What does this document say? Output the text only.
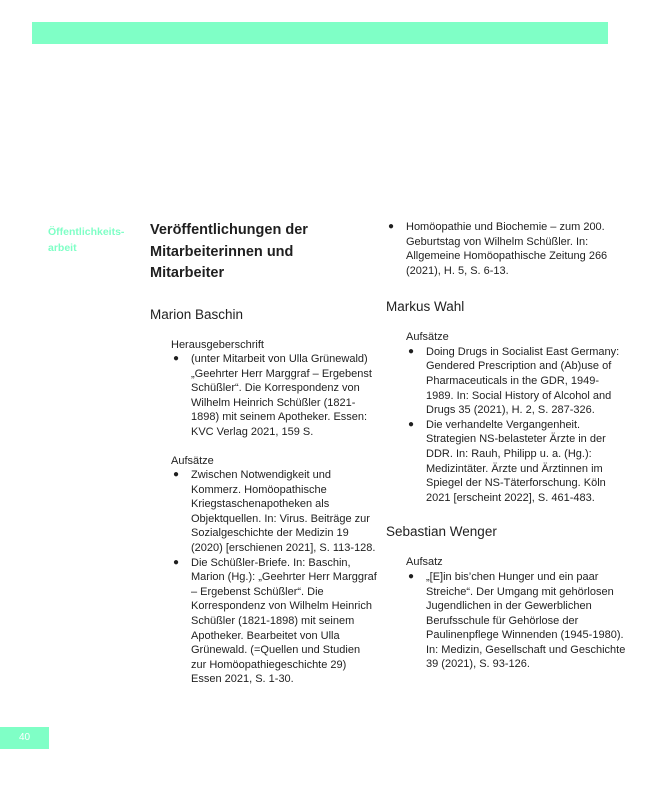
Öffentlichkeits-
arbeit
Veröffentlichungen der
Mitarbeiterinnen und
Mitarbeiter

Marion Baschin

Herausgeberschrift

● (unter Mitarbeit von Ulla Grünewald) „Geehrter Herr Marggraf – Ergebenst Schüßler“. Die Korrespondenz von Wilhelm Heinrich Schüßler (1821-1898) mit seinem Apotheker. Essen: KVC Verlag 2021, 159 S.

Aufsätze

● Zwischen Notwendigkeit und Kommerz. Homöopathische Kriegstaschenapotheken als Objektquellen. In: Virus. Beiträge zur Sozialgeschichte der Medizin 19 (2020) [erschienen 2021], S. 113-128.
● Die Schüßler-Briefe. In: Baschin, Marion (Hg.): „Geehrter Herr Marggraf – Ergebenst Schüßler“. Die Korrespondenz von Wilhelm Heinrich Schüßler (1821-1898) mit seinem Apotheker. Bearbeitet von Ulla Grünewald. (=Quellen und Studien zur Homöopathiegeschichte 29) Essen 2021, S. 1-30.
● Homöopathie und Biochemie – zum 200. Geburtstag von Wilhelm Schüßler. In: Allgemeine Homöopathische Zeitung 266 (2021), H. 5, S. 6-13.

Markus Wahl

Aufsätze

● Doing Drugs in Socialist East Germany: Gendered Prescription and (Ab)use of Pharmaceuticals in the GDR, 1949-1989. In: Social History of Alcohol and Drugs 35 (2021), H. 2, S. 287-326.
● Die verhandelte Vergangenheit. Strategien NS-belasteter Ärzte in der DDR. In: Rauh, Philipp u. a. (Hg.): Medizintäter. Ärzte und Ärztinnen im Spiegel der NS-Täterforschung. Köln 2021 [erscheint 2022], S. 461-483.

Sebastian Wenger

Aufsatz

● „[E]in bis’chen Hunger und ein paar Streiche“. Der Umgang mit gehörlosen Jugendlichen in der Gewerblichen Berufsschule für Gehörlose der Paulinenpflege Winnenden (1945-1980). In: Medizin, Gesellschaft und Geschichte 39 (2021), S. 93-126.
40
